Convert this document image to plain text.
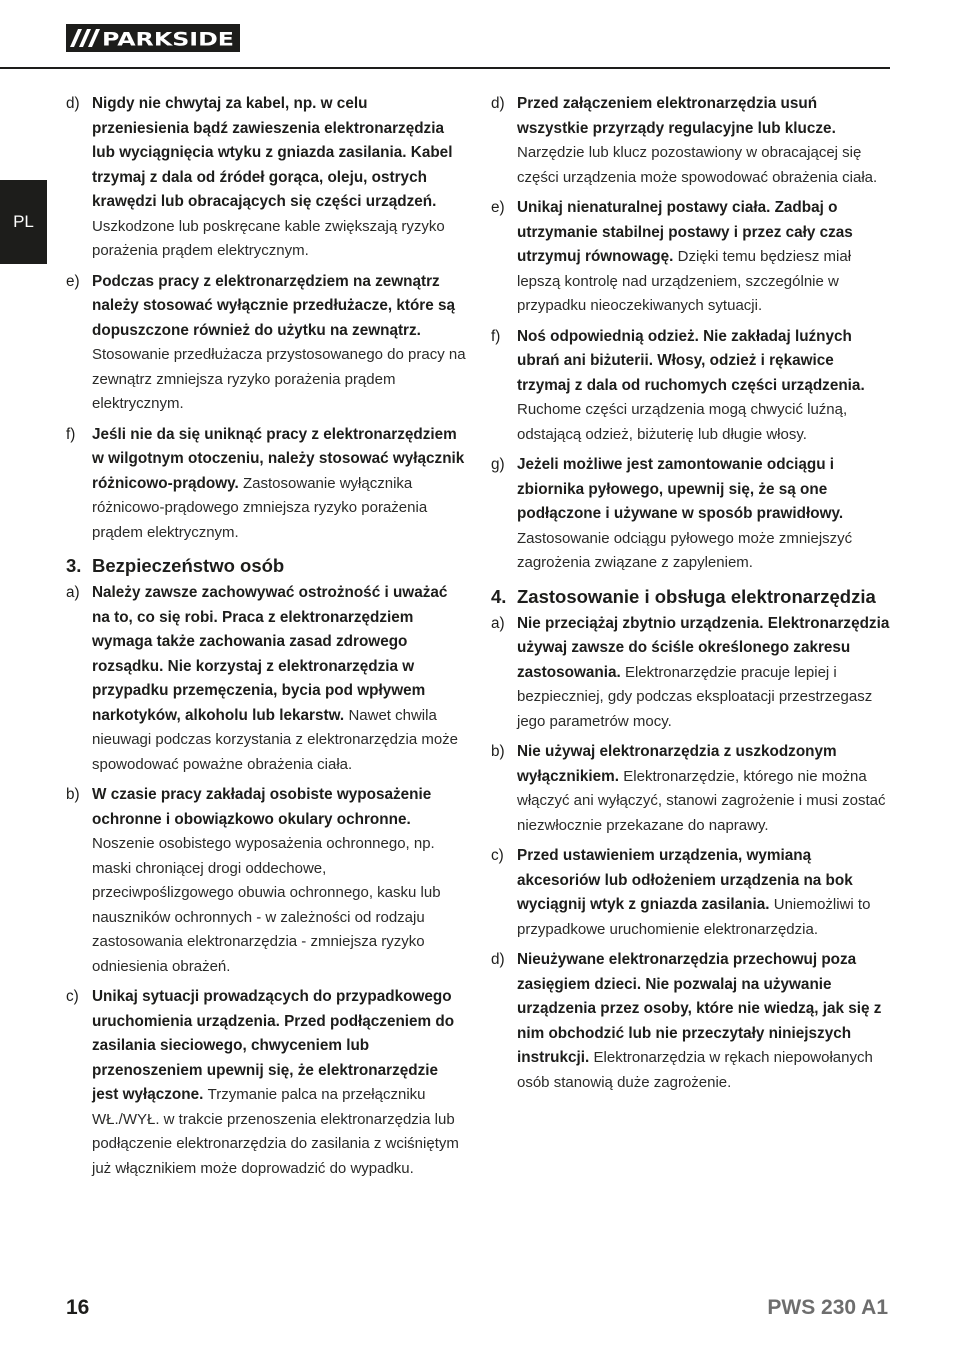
PARKSIDE
PL
d) Nigdy nie chwytaj za kabel, np. w celu przeniesienia bądź zawieszenia elektronarzędzia lub wyciągnięcia wtyku z gniazda zasilania. Kabel trzymaj z dala od źródeł gorąca, oleju, ostrych krawędzi lub obracających się części urządzeń. Uszkodzone lub poskręcane kable zwiększają ryzyko porażenia prądem elektrycznym.

e) Podczas pracy z elektronarzędziem na zewnątrz należy stosować wyłącznie przedłużacze, które są dopuszczone również do użytku na zewnątrz. Stosowanie przedłużacza przystosowanego do pracy na zewnątrz zmniejsza ryzyko porażenia prądem elektrycznym.

f) Jeśli nie da się uniknąć pracy z elektronarzędziem w wilgotnym otoczeniu, należy stosować wyłącznik różnicowo-prądowy. Zastosowanie wyłącznika różnicowo-prądowego zmniejsza ryzyko porażenia prądem elektrycznym.

3. Bezpieczeństwo osób
a) Należy zawsze zachowywać ostrożność i uważać na to, co się robi. Praca z elektronarzędziem wymaga także zachowania zasad zdrowego rozsądku. Nie korzystaj z elektronarzędzia w przypadku przemęczenia, bycia pod wpływem narkotyków, alkoholu lub lekarstw. Nawet chwila nieuwagi podczas korzystania z elektronarzędzia może spowodować poważne obrażenia ciała.

b) W czasie pracy zakładaj osobiste wyposażenie ochronne i obowiązkowo okulary ochronne. Noszenie osobistego wyposażenia ochronnego, np. maski chroniącej drogi oddechowe, przeciwpoślizgowego obuwia ochronnego, kasku lub nauszników ochronnych - w zależności od rodzaju zastosowania elektronarzędzia - zmniejsza ryzyko odniesienia obrażeń.

c) Unikaj sytuacji prowadzących do przypadkowego uruchomienia urządzenia. Przed podłączeniem do zasilania sieciowego, chwyceniem lub przenoszeniem upewnij się, że elektronarzędzie jest wyłączone. Trzymanie palca na przełączniku WŁ./WYŁ. w trakcie przenoszenia elektronarzędzia lub podłączenie elektronarzędzia do zasilania z wciśniętym już włącznikiem może doprowadzić do wypadku.

d) Przed załączeniem elektronarzędzia usuń wszystkie przyrządy regulacyjne lub klucze. Narzędzie lub klucz pozostawiony w obracającej się części urządzenia może spowodować obrażenia ciała.

e) Unikaj nienaturalnej postawy ciała. Zadbaj o utrzymanie stabilnej postawy i przez cały czas utrzymuj równowagę. Dzięki temu będziesz miał lepszą kontrolę nad urządzeniem, szczególnie w przypadku nieoczekiwanych sytuacji.

f) Noś odpowiednią odzież. Nie zakładaj luźnych ubrań ani biżuterii. Włosy, odzież i rękawice trzymaj z dala od ruchomych części urządzenia. Ruchome części urządzenia mogą chwycić luźną, odstającą odzież, biżuterię lub długie włosy.

g) Jeżeli możliwe jest zamontowanie odciągu i zbiornika pyłowego, upewnij się, że są one podłączone i używane w sposób prawidłowy. Zastosowanie odciągu pyłowego może zmniejszyć zagrożenia związane z zapyleniem.

4. Zastosowanie i obsługa elektronarzędzia
a) Nie przeciążaj zbytnio urządzenia. Elektronarzędzia używaj zawsze do ściśle określonego zakresu zastosowania. Elektronarzędzie pracuje lepiej i bezpieczniej, gdy podczas eksploatacji przestrzegasz jego parametrów mocy.

b) Nie używaj elektronarzędzia z uszkodzonym wyłącznikiem. Elektronarzędzie, którego nie można włączyć ani wyłączyć, stanowi zagrożenie i musi zostać niezwłocznie przekazane do naprawy.

c) Przed ustawieniem urządzenia, wymianą akcesoriów lub odłożeniem urządzenia na bok wyciągnij wtyk z gniazda zasilania. Uniemożliwi to przypadkowe uruchomienie elektronarzędzia.

d) Nieużywane elektronarzędzia przechowuj poza zasięgiem dzieci. Nie pozwalaj na używanie urządzenia przez osoby, które nie wiedzą, jak się z nim obchodzić lub nie przeczytały niniejszych instrukcji. Elektronarzędzia w rękach niepowołanych osób stanowią duże zagrożenie.

16	PWS 230 A1
